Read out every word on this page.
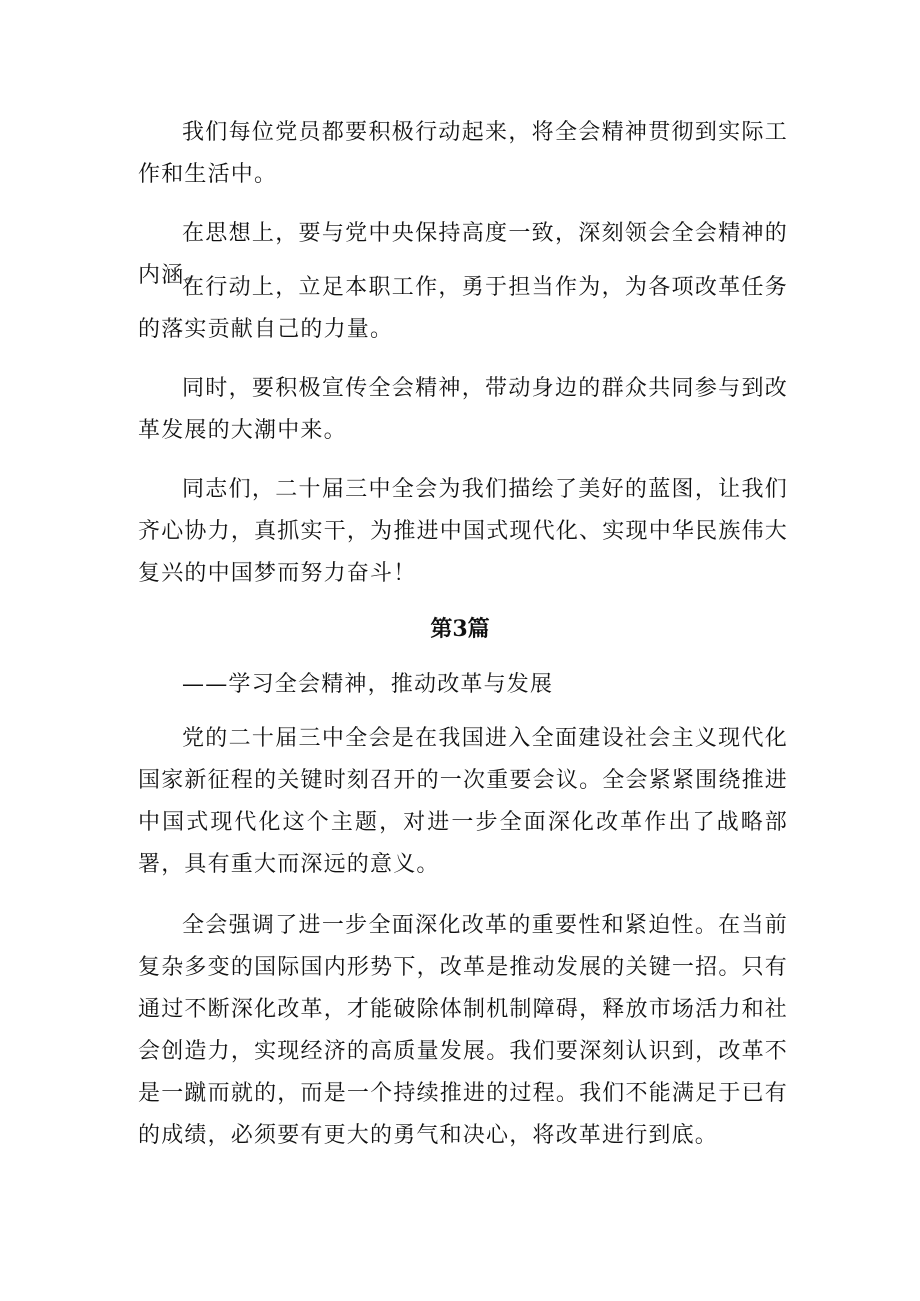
我们每位党员都要积极行动起来，将全会精神贯彻到实际工作和生活中。

在思想上，要与党中央保持高度一致，深刻领会全会精神的内涵。

在行动上，立足本职工作，勇于担当作为，为各项改革任务的落实贡献自己的力量。

同时，要积极宣传全会精神，带动身边的群众共同参与到改革发展的大潮中来。

同志们，二十届三中全会为我们描绘了美好的蓝图，让我们齐心协力，真抓实干，为推进中国式现代化、实现中华民族伟大复兴的中国梦而努力奋斗！

第3篇

——学习全会精神，推动改革与发展

党的二十届三中全会是在我国进入全面建设社会主义现代化国家新征程的关键时刻召开的一次重要会议。全会紧紧围绕推进中国式现代化这个主题，对进一步全面深化改革作出了战略部署，具有重大而深远的意义。

全会强调了进一步全面深化改革的重要性和紧迫性。在当前复杂多变的国际国内形势下，改革是推动发展的关键一招。只有通过不断深化改革，才能破除体制机制障碍，释放市场活力和社会创造力，实现经济的高质量发展。我们要深刻认识到，改革不是一蹴而就的，而是一个持续推进的过程。我们不能满足于已有的成绩，必须要有更大的勇气和决心，将改革进行到底。
